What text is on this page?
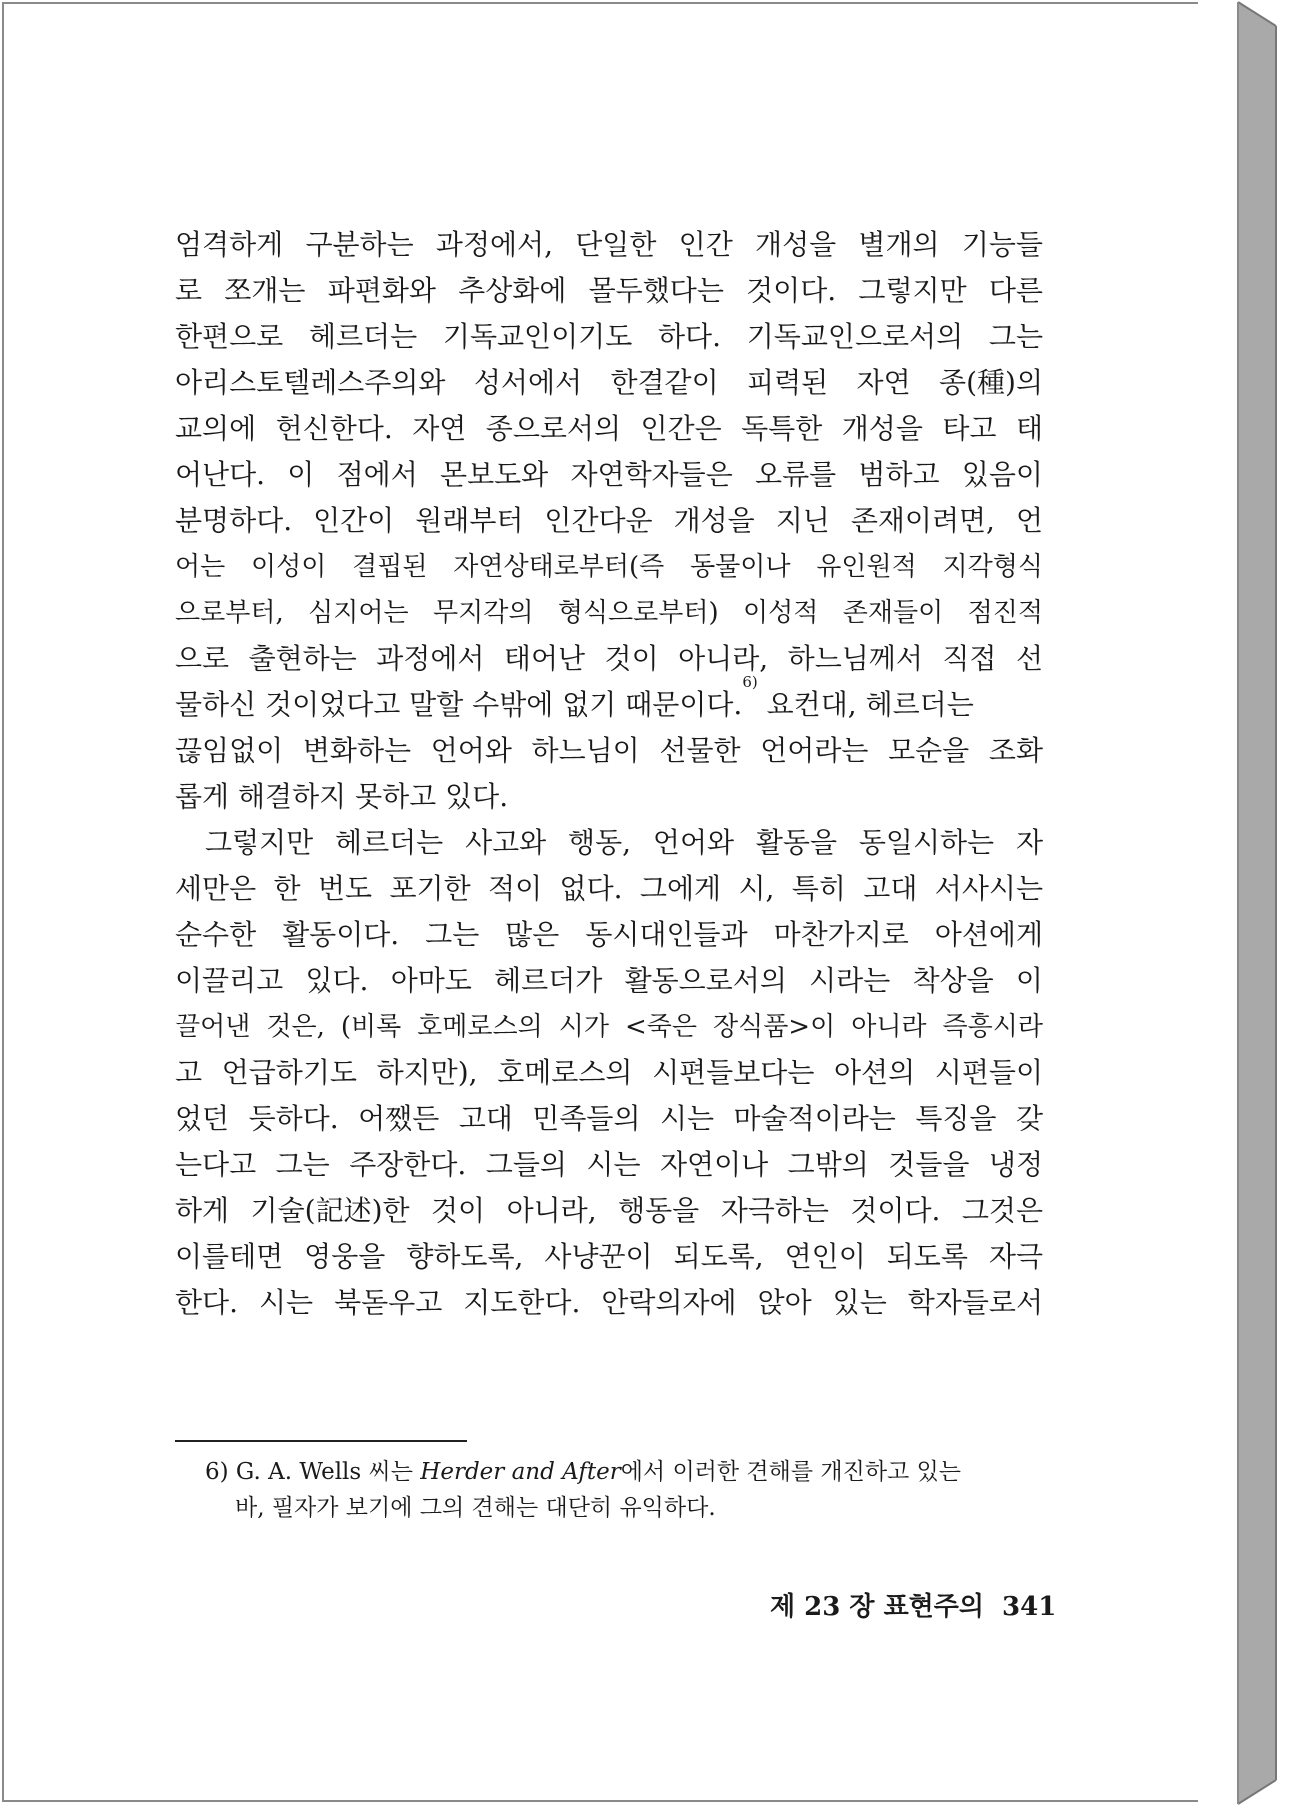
엄격하게 구분하는 과정에서, 단일한 인간 개성을 별개의 기능들
로 쪼개는 파편화와 추상화에 몰두했다는 것이다. 그렇지만 다른
한편으로 헤르더는 기독교인이기도 하다. 기독교인으로서의 그는
아리스토텔레스주의와 성서에서 한결같이 피력된 자연 종(種)의
교의에 헌신한다. 자연 종으로서의 인간은 독특한 개성을 타고 태
어난다. 이 점에서 몬보도와 자연학자들은 오류를 범하고 있음이
분명하다. 인간이 원래부터 인간다운 개성을 지닌 존재이려면, 언
어는 이성이 결핍된 자연상태로부터(즉 동물이나 유인원적 지각형식
으로부터, 심지어는 무지각의 형식으로부터) 이성적 존재들이 점진적
으로 출현하는 과정에서 태어난 것이 아니라, 하느님께서 직접 선
물하신 것이었다고 말할 수밖에 없기 때문이다.
6)
요컨대, 헤르더는
끊임없이 변화하는 언어와 하느님이 선물한 언어라는 모순을 조화
롭게 해결하지 못하고 있다.
그렇지만 헤르더는 사고와 행동, 언어와 활동을 동일시하는 자
세만은 한 번도 포기한 적이 없다. 그에게 시, 특히 고대 서사시는
순수한 활동이다. 그는 많은 동시대인들과 마찬가지로 아션에게
이끌리고 있다. 아마도 헤르더가 활동으로서의 시라는 착상을 이
끌어낸 것은, (비록 호메로스의 시가 <죽은 장식품>이 아니라 즉흥시라
고 언급하기도 하지만), 호메로스의 시편들보다는 아션의 시편들이
었던 듯하다. 어쨌든 고대 민족들의 시는 마술적이라는 특징을 갖
는다고 그는 주장한다. 그들의 시는 자연이나 그밖의 것들을 냉정
하게 기술(記述)한 것이 아니라, 행동을 자극하는 것이다. 그것은
이를테면 영웅을 향하도록, 사냥꾼이 되도록, 연인이 되도록 자극
한다. 시는 북돋우고 지도한다. 안락의자에 앉아 있는 학자들로서
6) G. A. Wells 씨는 Herder and After에서 이러한 견해를 개진하고 있는
바, 필자가 보기에 그의 견해는 대단히 유익하다.
제 23 장 표현주의 341
